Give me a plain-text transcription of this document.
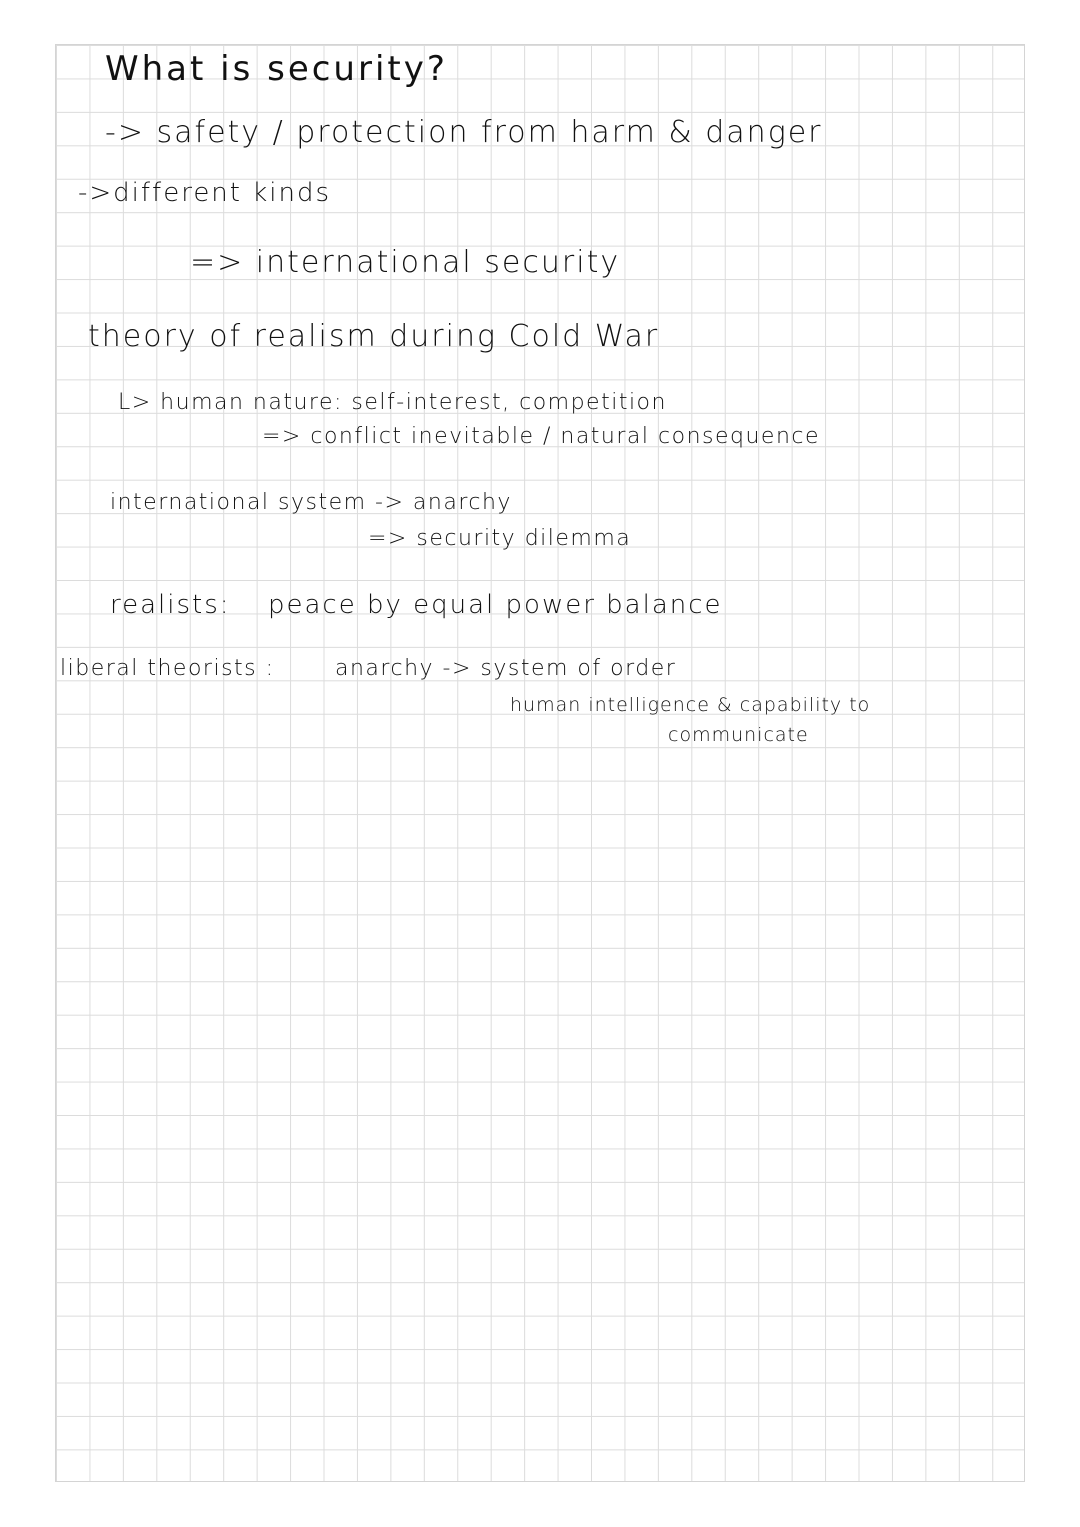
What is security?
-> safety / protection from harm & danger
->different kinds
=> international security
theory of realism during Cold War
L> human nature: self-interest, competition
=> conflict inevitable / natural consequence
international system -> anarchy
=> security dilemma
realists: peace by equal power balance
liberal theorists :	anarchy -> system of order
human intelligence & capability to
communicate
